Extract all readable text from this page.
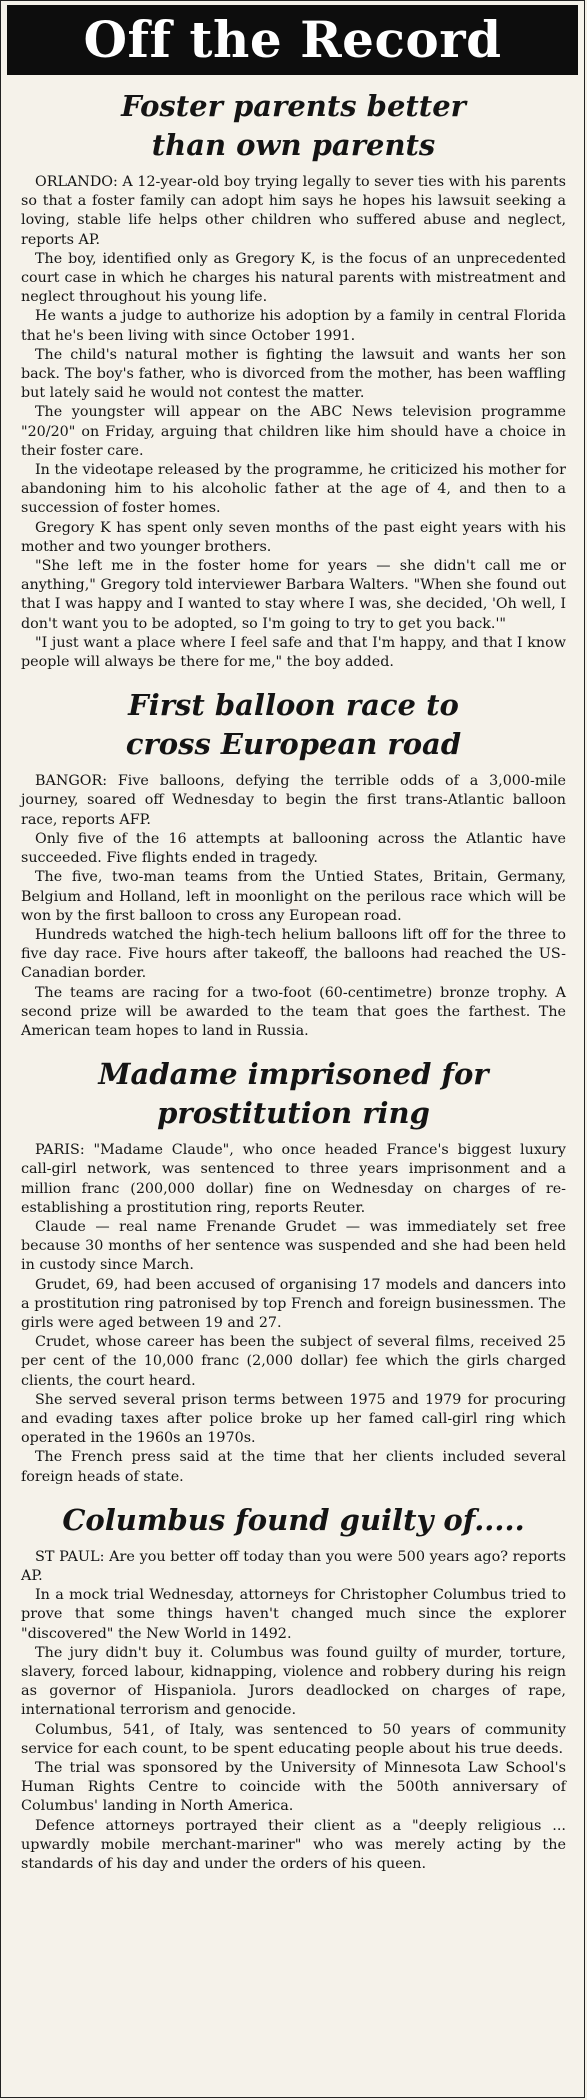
Off the Record
Foster parents better
than own parents

ORLANDO: A 12-year-old boy trying legally to sever ties with his parents so that a foster family can adopt him says he hopes his lawsuit seeking a loving, stable life helps other children who suffered abuse and neglect, reports AP.

The boy, identified only as Gregory K, is the focus of an unprecedented court case in which he charges his natural parents with mistreatment and neglect throughout his young life.

He wants a judge to authorize his adoption by a family in central Florida that he's been living with since October 1991.

The child's natural mother is fighting the lawsuit and wants her son back. The boy's father, who is divorced from the mother, has been waffling but lately said he would not contest the matter.

The youngster will appear on the ABC News television programme "20/20" on Friday, arguing that children like him should have a choice in their foster care.

In the videotape released by the programme, he criticized his mother for abandoning him to his alcoholic father at the age of 4, and then to a succession of foster homes.

Gregory K has spent only seven months of the past eight years with his mother and two younger brothers.

"She left me in the foster home for years — she didn't call me or anything," Gregory told interviewer Barbara Walters. "When she found out that I was happy and I wanted to stay where I was, she decided, 'Oh well, I don't want you to be adopted, so I'm going to try to get you back.'"

"I just want a place where I feel safe and that I'm happy, and that I know people will always be there for me," the boy added.

First balloon race to
cross European road

BANGOR: Five balloons, defying the terrible odds of a 3,000-mile journey, soared off Wednesday to begin the first trans-Atlantic balloon race, reports AFP.

Only five of the 16 attempts at ballooning across the Atlantic have succeeded. Five flights ended in tragedy.

The five, two-man teams from the Untied States, Britain, Germany, Belgium and Holland, left in moonlight on the perilous race which will be won by the first balloon to cross any European road.

Hundreds watched the high-tech helium balloons lift off for the three to five day race. Five hours after takeoff, the balloons had reached the US-Canadian border.

The teams are racing for a two-foot (60-centimetre) bronze trophy. A second prize will be awarded to the team that goes the farthest. The American team hopes to land in Russia.

Madame imprisoned for
prostitution ring

PARIS: "Madame Claude", who once headed France's biggest luxury call-girl network, was sentenced to three years imprisonment and a million franc (200,000 dollar) fine on Wednesday on charges of re-establishing a prostitution ring, reports Reuter.

Claude — real name Frenande Grudet — was immediately set free because 30 months of her sentence was suspended and she had been held in custody since March.

Grudet, 69, had been accused of organising 17 models and dancers into a prostitution ring patronised by top French and foreign businessmen. The girls were aged between 19 and 27.

Crudet, whose career has been the subject of several films, received 25 per cent of the 10,000 franc (2,000 dollar) fee which the girls charged clients, the court heard.

She served several prison terms between 1975 and 1979 for procuring and evading taxes after police broke up her famed call-girl ring which operated in the 1960s an 1970s.

The French press said at the time that her clients included several foreign heads of state.

Columbus found guilty of.....

ST PAUL: Are you better off today than you were 500 years ago? reports AP.

In a mock trial Wednesday, attorneys for Christopher Columbus tried to prove that some things haven't changed much since the explorer "discovered" the New World in 1492.

The jury didn't buy it. Columbus was found guilty of murder, torture, slavery, forced labour, kidnapping, violence and robbery during his reign as governor of Hispaniola. Jurors deadlocked on charges of rape, international terrorism and genocide.

Columbus, 541, of Italy, was sentenced to 50 years of community service for each count, to be spent educating people about his true deeds.

The trial was sponsored by the University of Minnesota Law School's Human Rights Centre to coincide with the 500th anniversary of Columbus' landing in North America.

Defence attorneys portrayed their client as a "deeply religious ... upwardly mobile merchant-mariner" who was merely acting by the standards of his day and under the orders of his queen.
